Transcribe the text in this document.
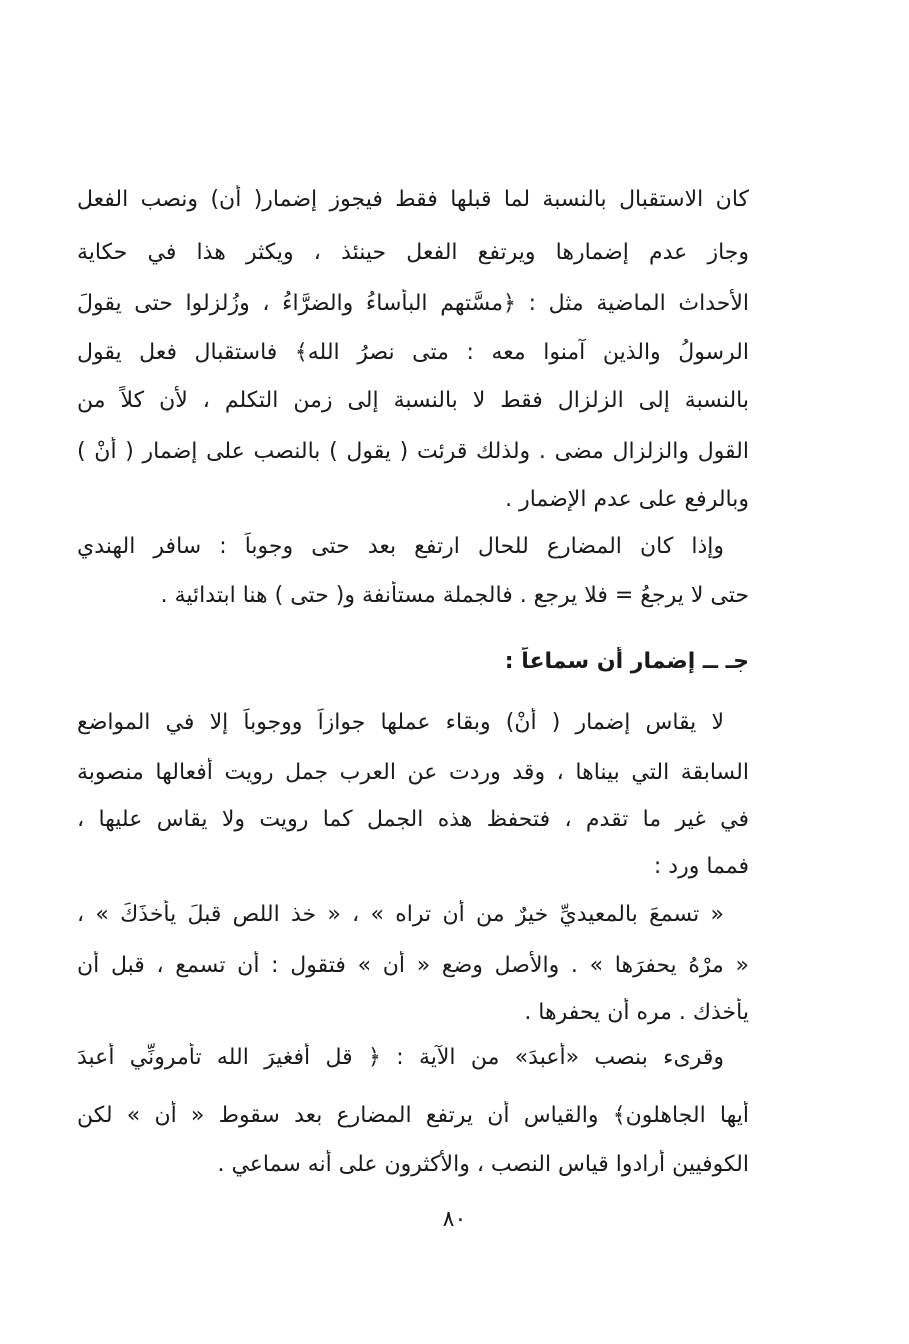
كان الاستقبال بالنسبة لما قبلها فقط فيجوز إضمار( أن) ونصب الفعل
وجاز عدم إضمارها ويرتفع الفعل حينئذ ، ويكثر هذا في حكاية
الأحداث الماضية مثل : ﴿مسَّتهم البأساءُ والضرَّاءُ ، وزُلزلوا حتى يقولَ
الرسولُ والذين آمنوا معه : متى نصرُ الله﴾ فاستقبال فعل يقول
بالنسبة إلى الزلزال فقط لا بالنسبة إلى زمن التكلم ، لأن كلاً من
القول والزلزال مضى . ولذلك قرئت ( يقول ) بالنصب على إضمار ( أنْ )
وبالرفع على عدم الإضمار .
وإذا كان المضارع للحال ارتفع بعد حتى وجوباً : سافر الهندي
حتى لا يرجعُ = فلا يرجع . فالجملة مستأنفة و( حتى ) هنا ابتدائية .
جـ ــ إضمار أن سماعاً :
لا يقاس إضمار ( أنْ) وبقاء عملها جوازاً ووجوباً إلا في المواضع
السابقة التي بيناها ، وقد وردت عن العرب جمل رويت أفعالها منصوبة
في غير ما تقدم ، فتحفظ هذه الجمل كما رويت ولا يقاس عليها ،
فمما ورد :
« تسمعَ بالمعيديِّ خيرٌ من أن تراه » ، « خذ اللص قبلَ يأخذَكَ » ،
« مرْهُ يحفرَها » . والأصل وضع « أن » فتقول : أن تسمع ، قبل أن
يأخذك . مره أن يحفرها .
وقرىء بنصب «أعبدَ» من الآية : ﴿ قل أفغيرَ الله تأمرونِّي أعبدَ
أيها الجاهلون﴾ والقياس أن يرتفع المضارع بعد سقوط « أن » لكن
الكوفيين أرادوا قياس النصب ، والأكثرون على أنه سماعي .
٨٠
